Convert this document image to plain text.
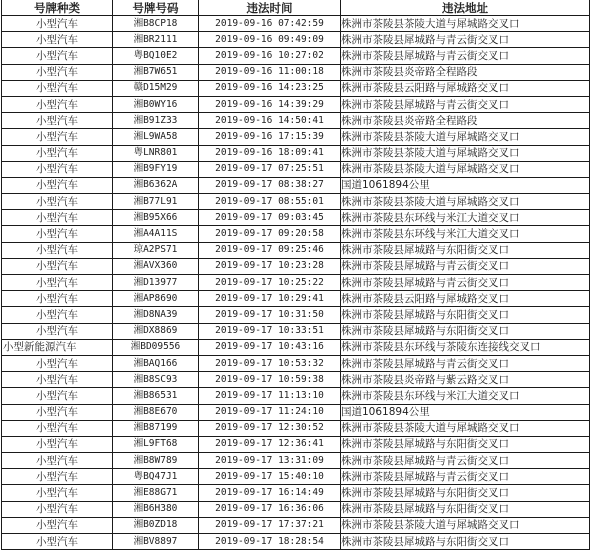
号牌种类	号牌号码	违法时间	违法地址
小型汽车	湘B8CP18	2019-09-16 07:42:59	株洲市茶陵县茶陵大道与犀城路交叉口
小型汽车	湘BR2111	2019-09-16 09:49:09	株洲市茶陵县犀城路与青云街交叉口
小型汽车	粤BQ10E2	2019-09-16 10:27:02	株洲市茶陵县犀城路与青云街交叉口
小型汽车	湘B7W651	2019-09-16 11:00:18	株洲市茶陵县炎帝路全程路段
小型汽车	赣D15M29	2019-09-16 14:23:25	株洲市茶陵县云阳路与犀城路交叉口
小型汽车	湘B0WY16	2019-09-16 14:39:29	株洲市茶陵县犀城路与青云街交叉口
小型汽车	湘B91Z33	2019-09-16 14:50:41	株洲市茶陵县炎帝路全程路段
小型汽车	湘L9WA58	2019-09-16 17:15:39	株洲市茶陵县茶陵大道与犀城路交叉口
小型汽车	粤LNR801	2019-09-16 18:09:41	株洲市茶陵县茶陵大道与犀城路交叉口
小型汽车	湘B9FY19	2019-09-17 07:25:51	株洲市茶陵县茶陵大道与犀城路交叉口
小型汽车	湘B6362A	2019-09-17 08:38:27	国道1061894公里
小型汽车	湘B77L91	2019-09-17 08:55:01	株洲市茶陵县茶陵大道与犀城路交叉口
小型汽车	湘B95X66	2019-09-17 09:03:45	株洲市茶陵县东环线与米江大道交叉口
小型汽车	湘A4A11S	2019-09-17 09:20:58	株洲市茶陵县东环线与米江大道交叉口
小型汽车	琼A2PS71	2019-09-17 09:25:46	株洲市茶陵县犀城路与东阳街交叉口
小型汽车	湘AVX360	2019-09-17 10:23:28	株洲市茶陵县犀城路与青云街交叉口
小型汽车	湘D13977	2019-09-17 10:25:22	株洲市茶陵县犀城路与青云街交叉口
小型汽车	湘AP8690	2019-09-17 10:29:41	株洲市茶陵县云阳路与犀城路交叉口
小型汽车	湘D8NA39	2019-09-17 10:31:50	株洲市茶陵县犀城路与东阳街交叉口
小型汽车	湘DX8869	2019-09-17 10:33:51	株洲市茶陵县犀城路与东阳街交叉口
小型新能源汽车	湘BD09556	2019-09-17 10:43:16	株洲市茶陵县东环线与茶陵东连接线交叉口
小型汽车	湘BAQ166	2019-09-17 10:53:32	株洲市茶陵县犀城路与青云街交叉口
小型汽车	湘B8SC93	2019-09-17 10:59:38	株洲市茶陵县炎帝路与紫云路交叉口
小型汽车	湘B86531	2019-09-17 11:13:10	株洲市茶陵县东环线与米江大道交叉口
小型汽车	湘B8E670	2019-09-17 11:24:10	国道1061894公里
小型汽车	湘B87199	2019-09-17 12:30:52	株洲市茶陵县茶陵大道与犀城路交叉口
小型汽车	湘L9FT68	2019-09-17 12:36:41	株洲市茶陵县犀城路与东阳街交叉口
小型汽车	湘B8W789	2019-09-17 13:31:09	株洲市茶陵县犀城路与青云街交叉口
小型汽车	粤BQ47J1	2019-09-17 15:40:10	株洲市茶陵县犀城路与青云街交叉口
小型汽车	湘E88G71	2019-09-17 16:14:49	株洲市茶陵县犀城路与东阳街交叉口
小型汽车	湘B6H380	2019-09-17 16:36:06	株洲市茶陵县犀城路与东阳街交叉口
小型汽车	湘B0ZD18	2019-09-17 17:37:21	株洲市茶陵县茶陵大道与犀城路交叉口
小型汽车	湘BV8897	2019-09-17 18:28:54	株洲市茶陵县犀城路与东阳街交叉口
